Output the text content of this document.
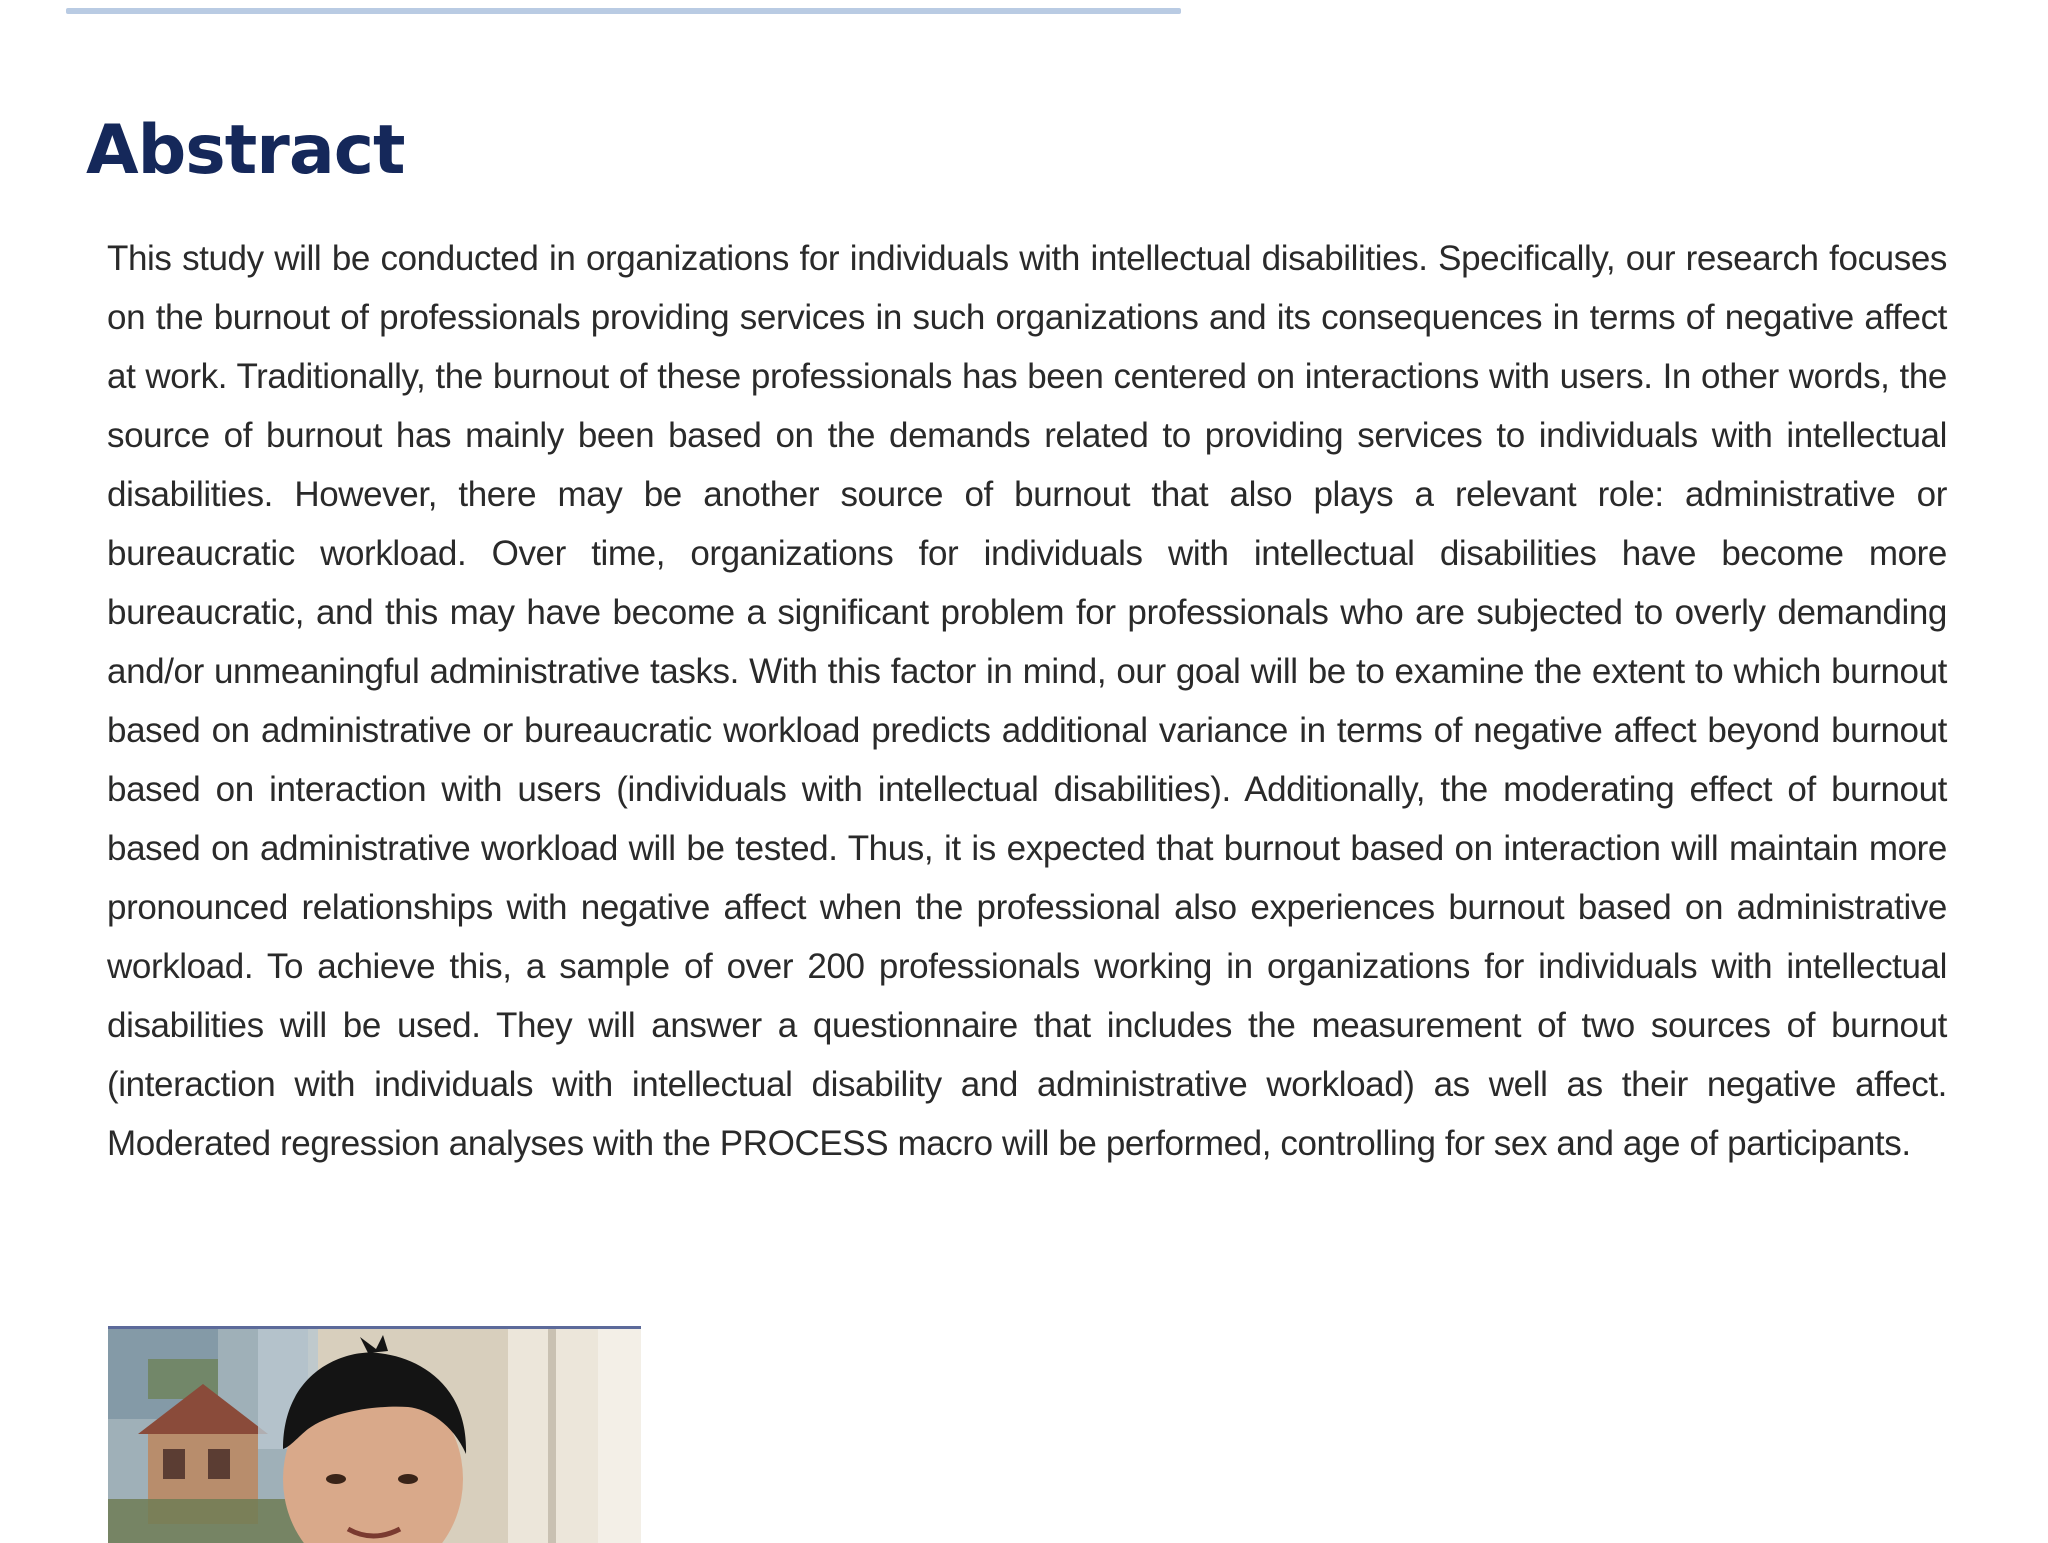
Abstract

This study will be conducted in organizations for individuals with intellectual disabilities. Specifically, our research focuses on the burnout of professionals providing services in such organizations and its consequences in terms of negative affect at work. Traditionally, the burnout of these professionals has been centered on interactions with users. In other words, the source of burnout has mainly been based on the demands related to providing services to individuals with intellectual disabilities. However, there may be another source of burnout that also plays a relevant role: administrative or bureaucratic workload. Over time, organizations for individuals with intellectual disabilities have become more bureaucratic, and this may have become a significant problem for professionals who are subjected to overly demanding and/or unmeaningful administrative tasks. With this factor in mind, our goal will be to examine the extent to which burnout based on administrative or bureaucratic workload predicts additional variance in terms of negative affect beyond burnout based on interaction with users (individuals with intellectual disabilities). Additionally, the moderating effect of burnout based on administrative workload will be tested. Thus, it is expected that burnout based on interaction will maintain more pronounced relationships with negative affect when the professional also experiences burnout based on administrative workload. To achieve this, a sample of over 200 professionals working in organizations for individuals with intellectual disabilities will be used. They will answer a questionnaire that includes the measurement of two sources of burnout (interaction with individuals with intellectual disability and administrative workload) as well as their negative affect. Moderated regression analyses with the PROCESS macro will be performed, controlling for sex and age of participants.
